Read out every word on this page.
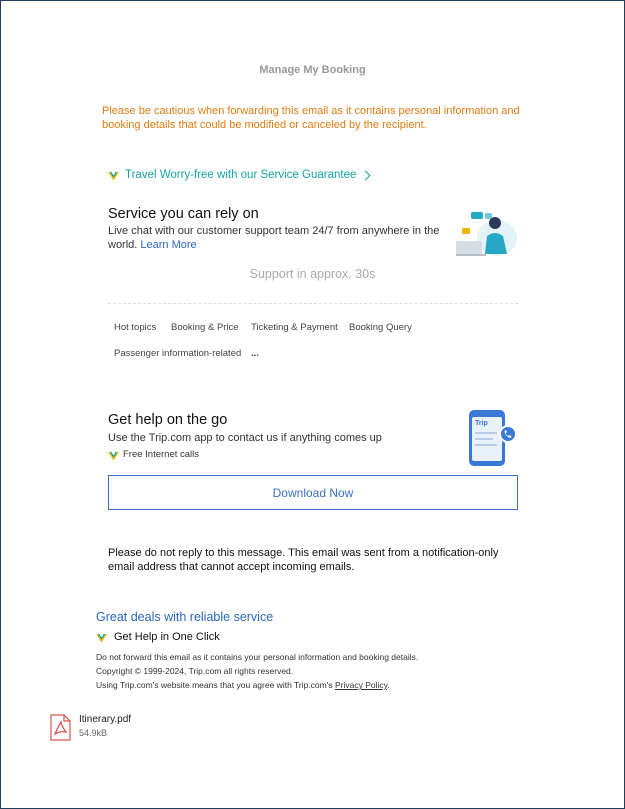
Manage My Booking
Please be cautious when forwarding this email as it contains personal information and booking details that could be modified or canceled by the recipient.
Travel Worry-free with our Service Guarantee
Service you can rely on
Live chat with our customer support team 24/7 from anywhere in the world. Learn More
Support in approx. 30s
Hot topics Booking & Price Ticketing & Payment Booking Query
Passenger information-related ...
Get help on the go
Use the Trip.com app to contact us if anything comes up
Free Internet calls
Trip
Download Now
Please do not reply to this message. This email was sent from a notification-only email address that cannot accept incoming emails.
Great deals with reliable service
Get Help in One Click
Do not forward this email as it contains your personal information and booking details.
Copyright © 1999-2024, Trip.com all rights reserved.
Using Trip.com's website means that you agree with Trip.com's Privacy Policy.
Itinerary.pdf
54.9kB
